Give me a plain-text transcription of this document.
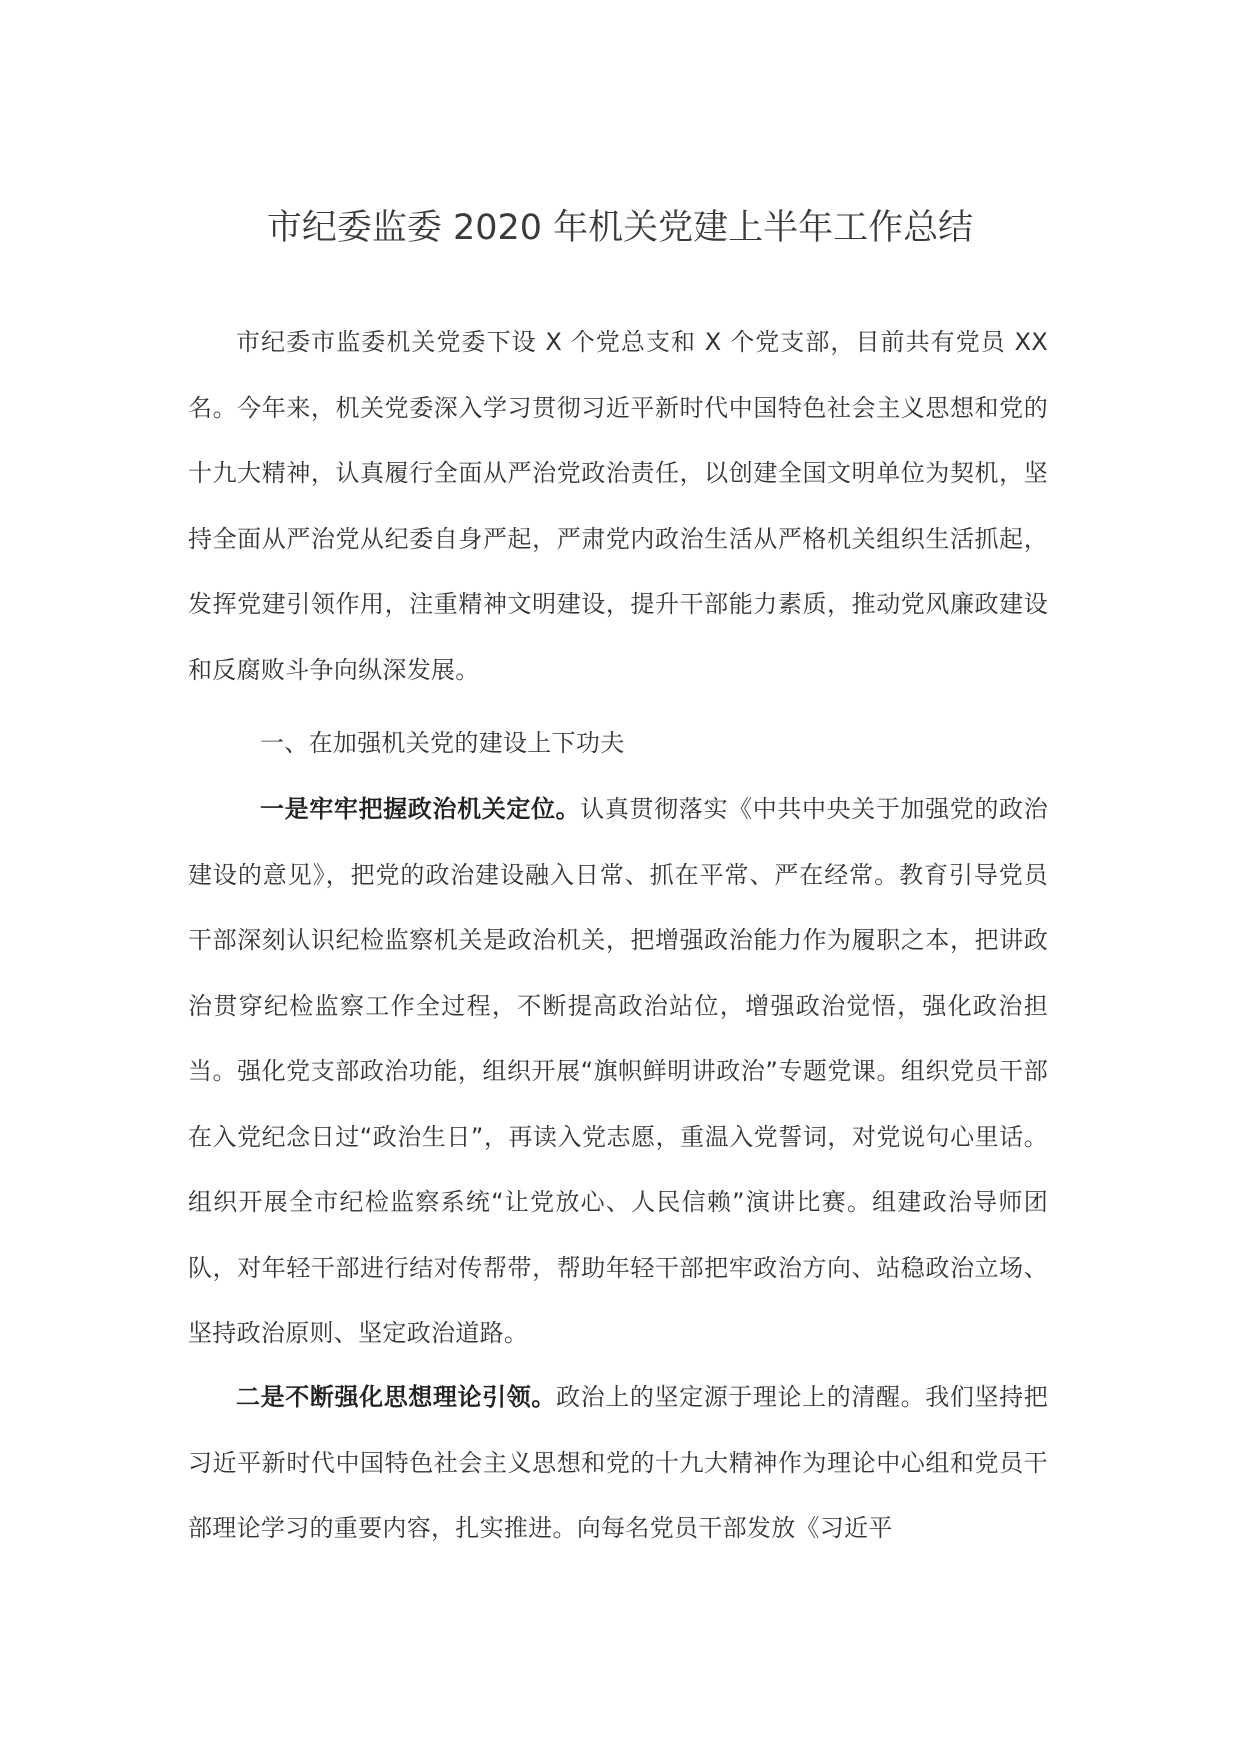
市纪委监委 2020 年机关党建上半年工作总结

市纪委市监委机关党委下设 X 个党总支和 X 个党支部，目前共有党员 XX 名。今年来，机关党委深入学习贯彻习近平新时代中国特色社会主义思想和党的十九大精神，认真履行全面从严治党政治责任，以创建全国文明单位为契机，坚持全面从严治党从纪委自身严起，严肃党内政治生活从严格机关组织生活抓起，发挥党建引领作用，注重精神文明建设，提升干部能力素质，推动党风廉政建设和反腐败斗争向纵深发展。

一、在加强机关党的建设上下功夫

一是牢牢把握政治机关定位。认真贯彻落实《中共中央关于加强党的政治建设的意见》，把党的政治建设融入日常、抓在平常、严在经常。教育引导党员干部深刻认识纪检监察机关是政治机关，把增强政治能力作为履职之本，把讲政治贯穿纪检监察工作全过程，不断提高政治站位，增强政治觉悟，强化政治担当。强化党支部政治功能，组织开展“旗帜鲜明讲政治”专题党课。组织党员干部在入党纪念日过“政治生日”，再读入党志愿，重温入党誓词，对党说句心里话。组织开展全市纪检监察系统“让党放心、人民信赖”演讲比赛。组建政治导师团队，对年轻干部进行结对传帮带，帮助年轻干部把牢政治方向、站稳政治立场、坚持政治原则、坚定政治道路。

二是不断强化思想理论引领。政治上的坚定源于理论上的清醒。我们坚持把习近平新时代中国特色社会主义思想和党的十九大精神作为理论中心组和党员干部理论学习的重要内容，扎实推进。向每名党员干部发放《习近平
